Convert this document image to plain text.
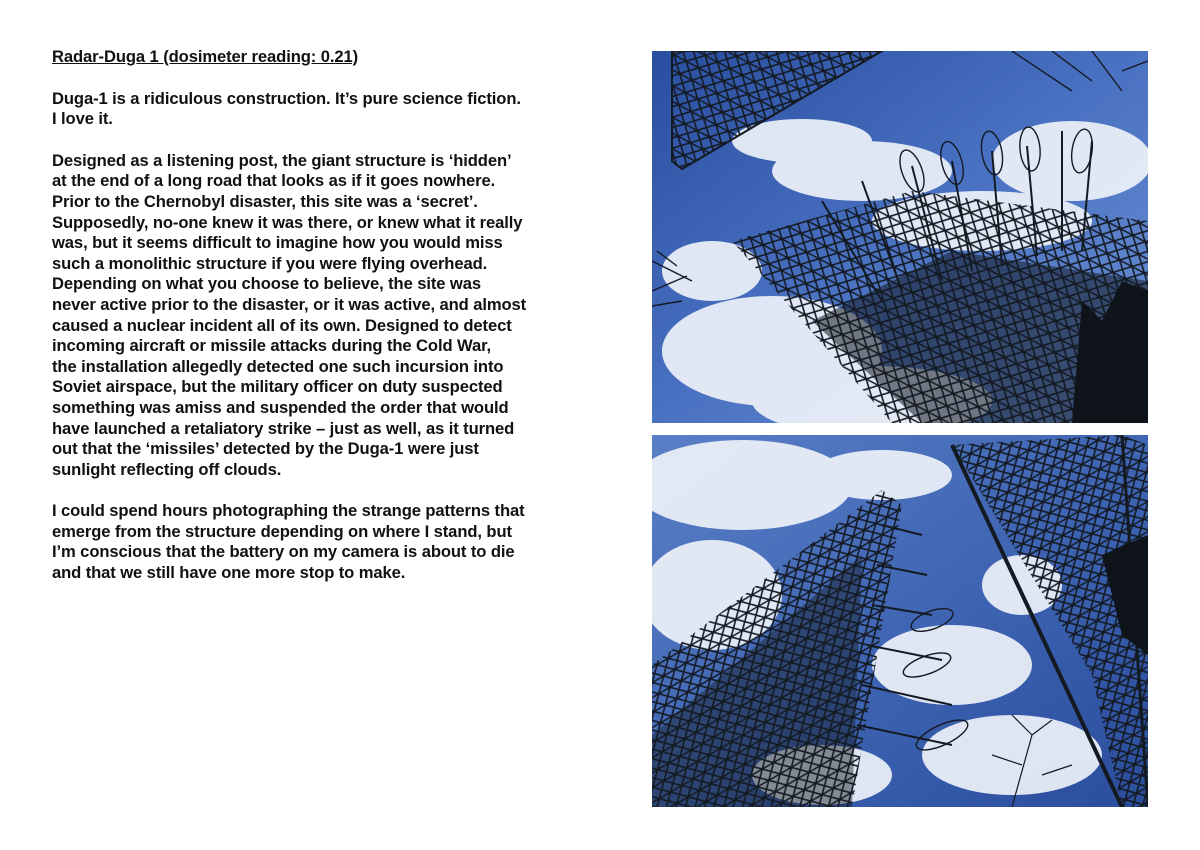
Radar-Duga 1 (dosimeter reading: 0.21)
Duga-1 is a ridiculous construction. It’s pure science fiction.
I love it.
Designed as a listening post, the giant structure is ‘hidden’
at the end of a long road that looks as if it goes nowhere.
Prior to the Chernobyl disaster, this site was a ‘secret’.
Supposedly, no-one knew it was there, or knew what it really
was, but it seems difficult to imagine how you would miss
such a monolithic structure if you were flying overhead.
Depending on what you choose to believe, the site was
never active prior to the disaster, or it was active, and almost
caused a nuclear incident all of its own. Designed to detect
incoming aircraft or missile attacks during the Cold War,
the installation allegedly detected one such incursion into
Soviet airspace, but the military officer on duty suspected
something was amiss and suspended the order that would
have launched a retaliatory strike – just as well, as it turned
out that the ‘missiles’ detected by the Duga-1 were just
sunlight reflecting off clouds.
I could spend hours photographing the strange patterns that
emerge from the structure depending on where I stand, but
I’m conscious that the battery on my camera is about to die
and that we still have one more stop to make.
